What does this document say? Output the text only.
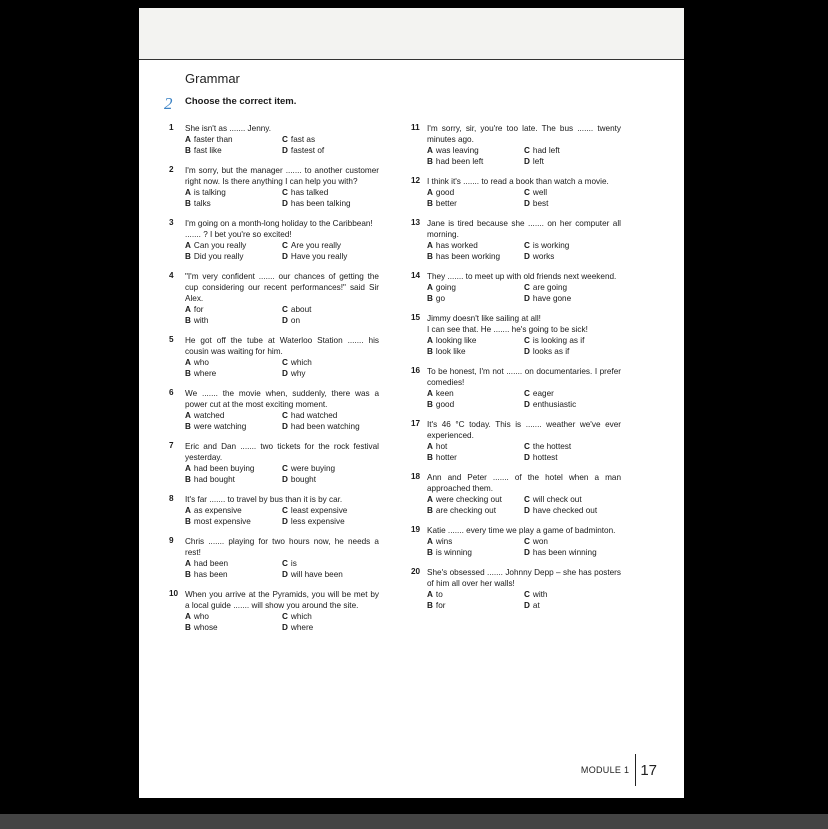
Grammar
2 Choose the correct item.
1	She isn't as ....... Jenny.
A faster than	C fast as
B fast like	D fastest of
2	I'm sorry, but the manager ....... to another customer right now. Is there anything I can help you with?
A is talking	C has talked
B talks	D has been talking
3	I'm going on a month-long holiday to the Caribbean!
....... ? I bet you're so excited!
A Can you really	C Are you really
B Did you really	D Have you really
4	"I'm very confident ....... our chances of getting the cup considering our recent performances!" said Sir Alex.
A for	C about
B with	D on
5	He got off the tube at Waterloo Station ....... his cousin was waiting for him.
A who	C which
B where	D why
6	We ....... the movie when, suddenly, there was a power cut at the most exciting moment.
A watched	C had watched
B were watching	D had been watching
7	Eric and Dan ....... two tickets for the rock festival yesterday.
A had been buying	C were buying
B had bought	D bought
8	It's far ....... to travel by bus than it is by car.
A as expensive	C least expensive
B most expensive	D less expensive
9	Chris ....... playing for two hours now, he needs a rest!
A had been	C is
B has been	D will have been
10 When you arrive at the Pyramids, you will be met by a local guide ....... will show you around the site.
A who	C which
B whose	D where
11 I'm sorry, sir, you're too late. The bus ....... twenty minutes ago.
A was leaving	C had left
B had been left	D left
12 I think it's ....... to read a book than watch a movie.
A good	C well
B better	D best
13 Jane is tired because she ....... on her computer all morning.
A has worked	C is working
B has been working	D works
14 They ....... to meet up with old friends next weekend.
A going	C are going
B go	D have gone
15 Jimmy doesn't like sailing at all!
I can see that. He ....... he's going to be sick!
A looking like	C is looking as if
B look like	D looks as if
16 To be honest, I'm not ....... on documentaries. I prefer comedies!
A keen	C eager
B good	D enthusiastic
17 It's 46 °C today. This is ....... weather we've ever experienced.
A hot	C the hottest
B hotter	D hottest
18 Ann and Peter ....... of the hotel when a man approached them.
A were checking out	C will check out
B are checking out	D have checked out
19 Katie ....... every time we play a game of badminton.
A wins	C won
B is winning	D has been winning
20 She's obsessed ....... Johnny Depp – she has posters of him all over her walls!
A to	C with
B for	D at
MODULE 1 17
